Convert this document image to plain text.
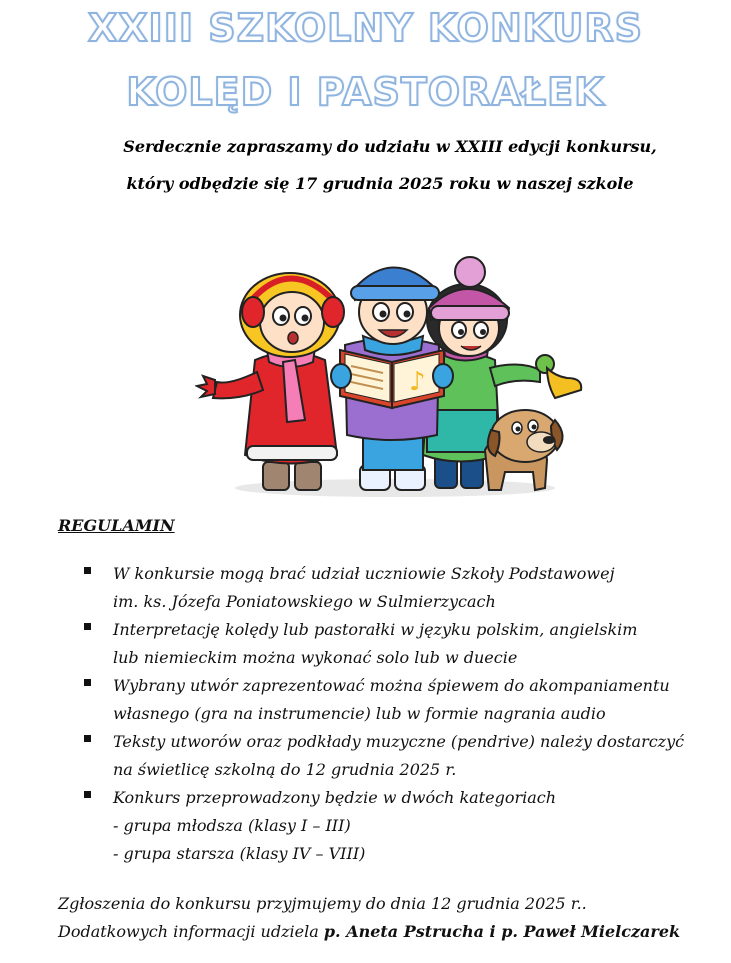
XXIII SZKOLNY KONKURS
KOLĘD I PASTORAŁEK
Serdecznie zapraszamy do udziału w XXIII edycji konkursu,
który odbędzie się 17 grudnia 2025 roku w naszej szkole
♪
REGULAMIN
W konkursie mogą brać udział uczniowie Szkoły Podstawowej
im. ks. Józefa Poniatowskiego w Sulmierzycach
Interpretację kolędy lub pastorałki w języku polskim, angielskim
lub niemieckim można wykonać solo lub w duecie
Wybrany utwór zaprezentować można śpiewem do akompaniamentu
własnego (gra na instrumencie) lub w formie nagrania audio
Teksty utworów oraz podkłady muzyczne (pendrive) należy dostarczyć
na świetlicę szkolną do 12 grudnia 2025 r.
Konkurs przeprowadzony będzie w dwóch kategoriach
- grupa młodsza (klasy I – III)
- grupa starsza (klasy IV – VIII)
Zgłoszenia do konkursu przyjmujemy do dnia 12 grudnia 2025 r..
Dodatkowych informacji udziela p. Aneta Pstrucha i p. Paweł Mielczarek
